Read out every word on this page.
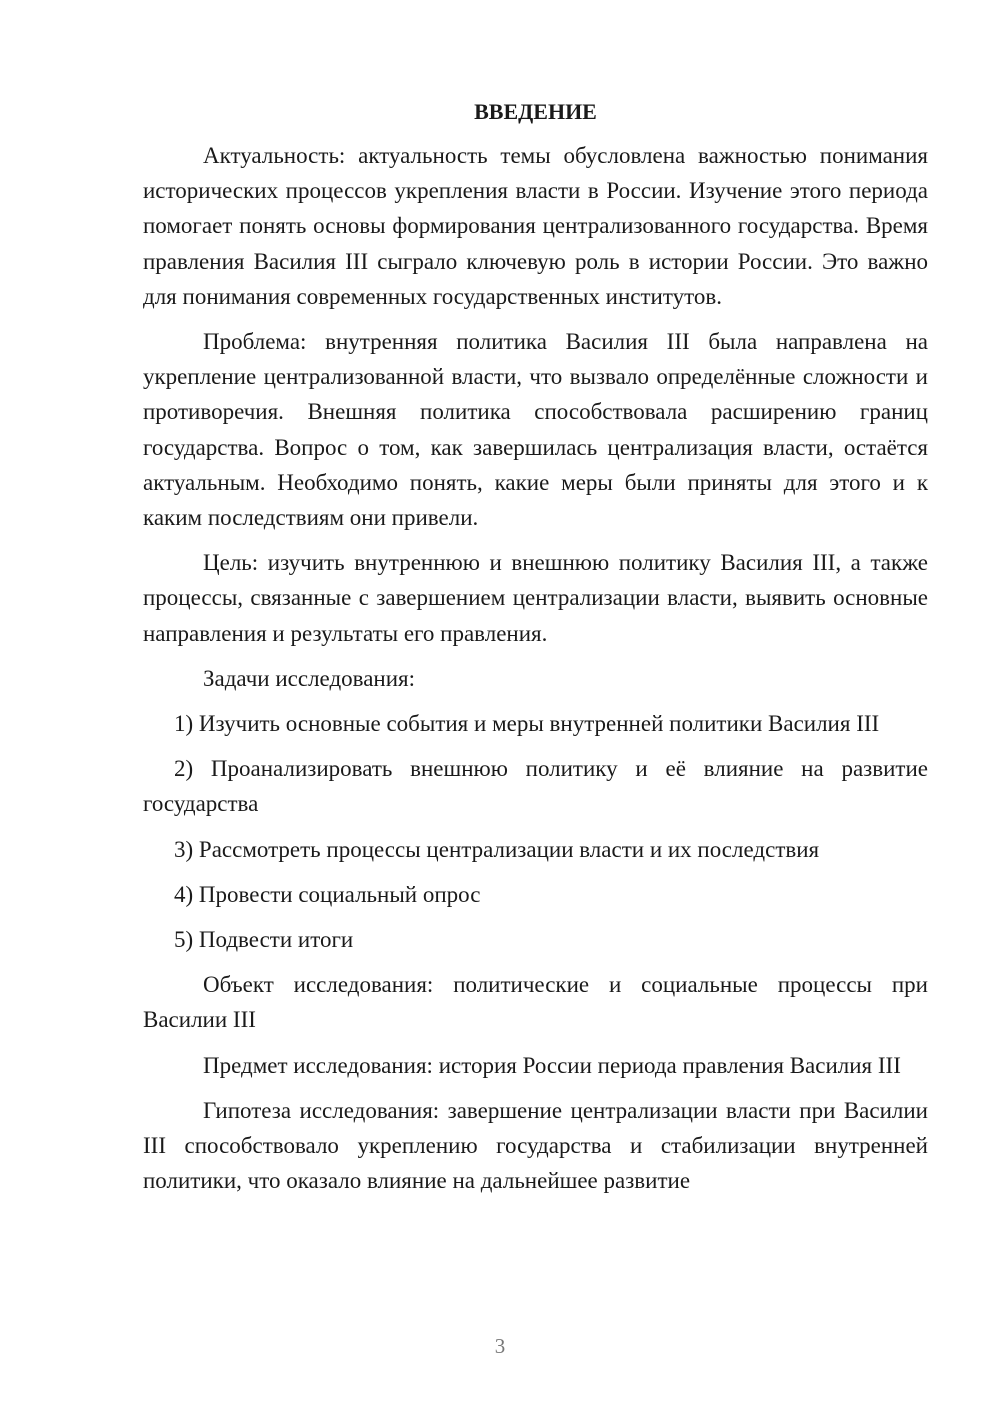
ВВЕДЕНИЕ

Актуальность: актуальность темы обусловлена важностью понимания исторических процессов укрепления власти в России. Изучение этого периода помогает понять основы формирования централизованного государства. Время правления Василия III сыграло ключевую роль в истории России. Это важно для понимания современных государственных институтов.

Проблема: внутренняя политика Василия III была направлена на укрепление централизованной власти, что вызвало определённые сложности и противоречия. Внешняя политика способствовала расширению границ государства. Вопрос о том, как завершилась централизация власти, остаётся актуальным. Необходимо понять, какие меры были приняты для этого и к каким последствиям они привели.

Цель: изучить внутреннюю и внешнюю политику Василия III, а также процессы, связанные с завершением централизации власти, выявить основные направления и результаты его правления.

Задачи исследования:

1) Изучить основные события и меры внутренней политики Василия III

2) Проанализировать внешнюю политику и её влияние на развитие государства

3) Рассмотреть процессы централизации власти и их последствия

4) Провести социальный опрос

5) Подвести итоги

Объект исследования: политические и социальные процессы при Василии III

Предмет исследования: история России периода правления Василия III

Гипотеза исследования: завершение централизации власти при Василии III способствовало укреплению государства и стабилизации внутренней политики, что оказало влияние на дальнейшее развитие

3
